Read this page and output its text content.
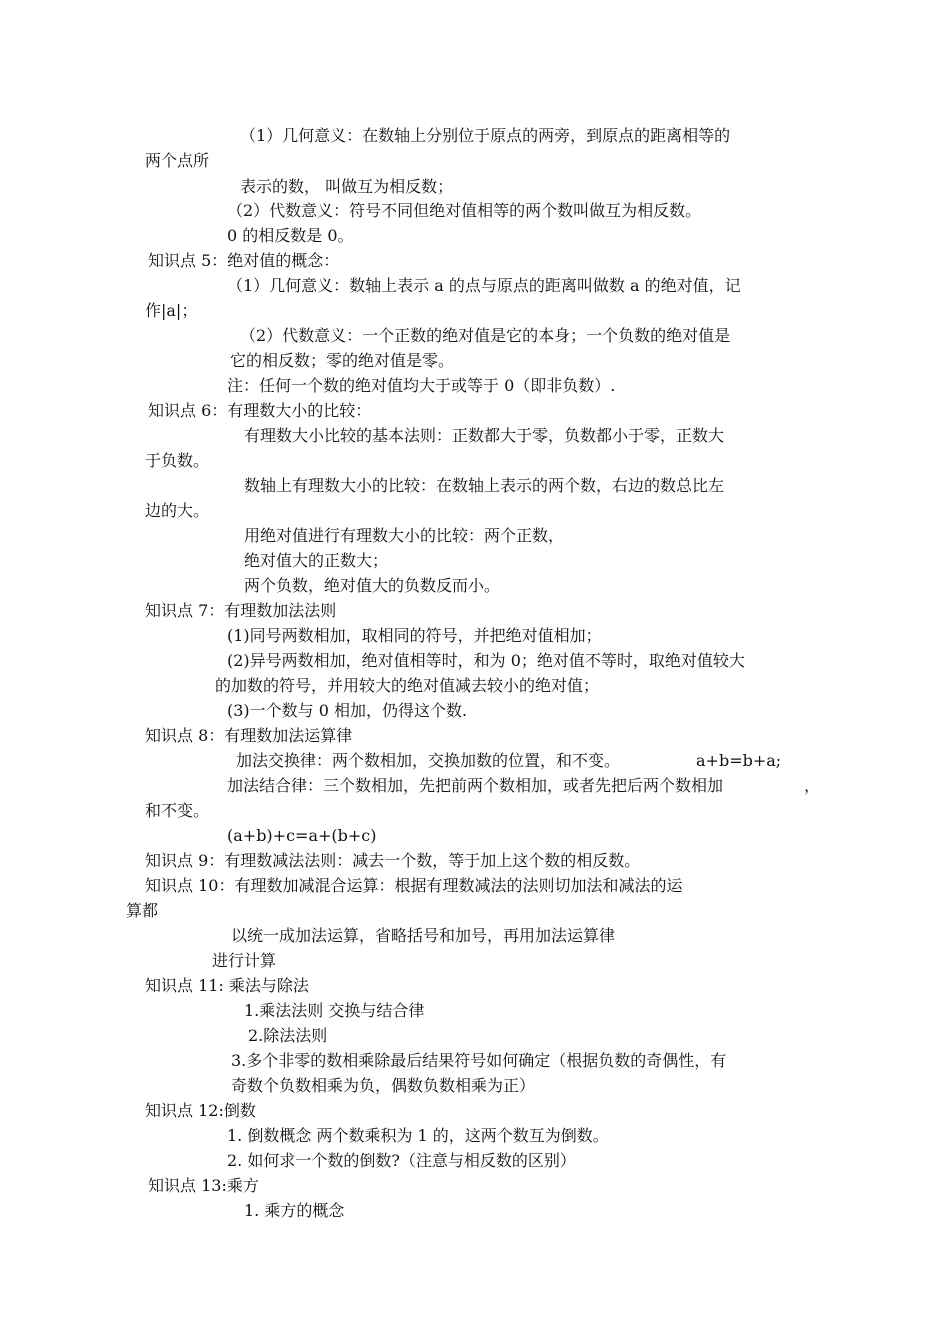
（1）几何意义：在数轴上分别位于原点的两旁，到原点的距离相等的
两个点所
表示的数， 叫做互为相反数；
（2）代数意义：符号不同但绝对值相等的两个数叫做互为相反数。
0 的相反数是 0。
知识点 5：绝对值的概念：
（1）几何意义：数轴上表示 a 的点与原点的距离叫做数 a 的绝对值，记
作|a|；
（2）代数意义：一个正数的绝对值是它的本身；一个负数的绝对值是
它的相反数；零的绝对值是零。
注：任何一个数的绝对值均大于或等于 0（即非负数）.
知识点 6：有理数大小的比较：
有理数大小比较的基本法则：正数都大于零，负数都小于零，正数大
于负数。
数轴上有理数大小的比较：在数轴上表示的两个数，右边的数总比左
边的大。
用绝对值进行有理数大小的比较：两个正数，
绝对值大的正数大；
两个负数，绝对值大的负数反而小。
知识点 7：有理数加法法则
(1)同号两数相加，取相同的符号，并把绝对值相加；
(2)异号两数相加，绝对值相等时，和为 0；绝对值不等时，取绝对值较大
的加数的符号，并用较大的绝对值减去较小的绝对值；
(3)一个数与 0 相加，仍得这个数.
知识点 8：有理数加法运算律
加法交换律：两个数相加，交换加数的位置，和不变。	a+b=b+a;
加法结合律：三个数相加，先把前两个数相加，或者先把后两个数相加	，
和不变。
(a+b)+c=a+(b+c)
知识点 9：有理数减法法则：减去一个数，等于加上这个数的相反数。
知识点 10：有理数加减混合运算：根据有理数减法的法则切加法和减法的运
算都
以统一成加法运算，省略括号和加号，再用加法运算律
进行计算
知识点 11: 乘法与除法
1.乘法法则 交换与结合律
2.除法法则
3.多个非零的数相乘除最后结果符号如何确定（根据负数的奇偶性，有
奇数个负数相乘为负，偶数负数相乘为正）
知识点 12:倒数
1. 倒数概念 两个数乘积为 1 的，这两个数互为倒数。
2. 如何求一个数的倒数?（注意与相反数的区别）
知识点 13:乘方
1. 乘方的概念
